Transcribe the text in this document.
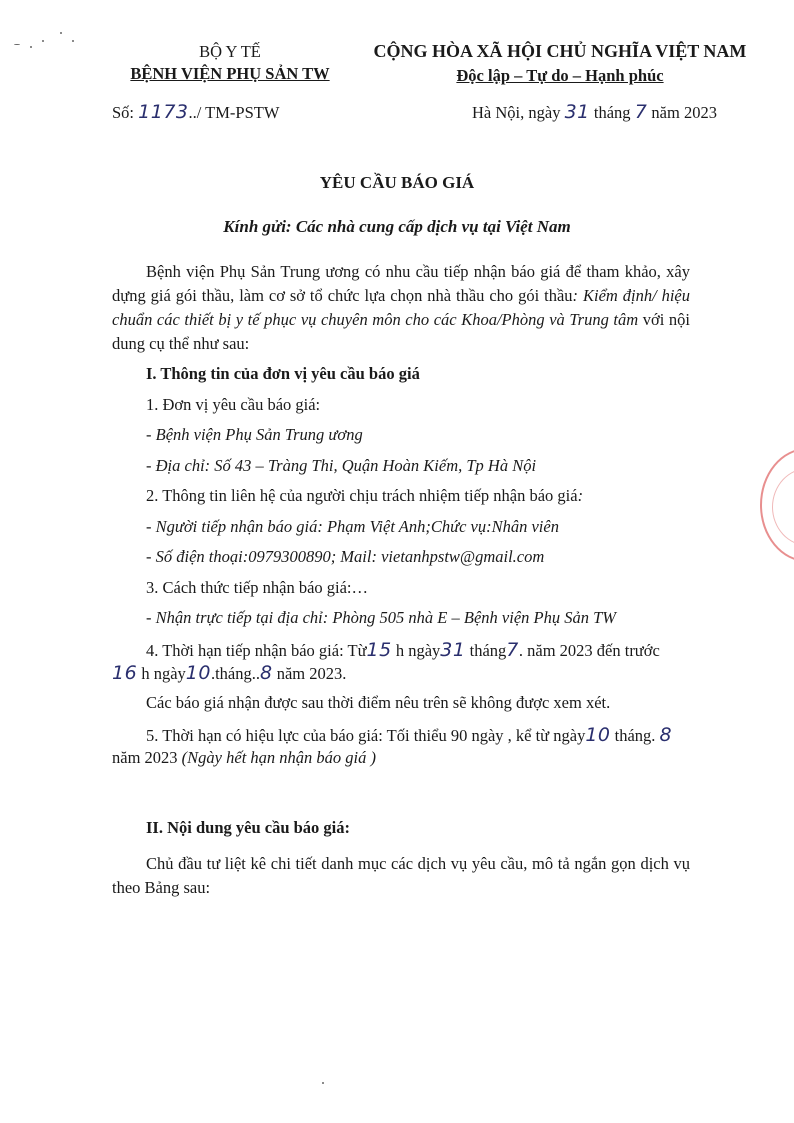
BỘ Y TẾ
BỆNH VIỆN PHỤ SẢN TW
CỘNG HÒA XÃ HỘI CHỦ NGHĨA VIỆT NAM
Độc lập – Tự do – Hạnh phúc
Số: 1173../ TM-PSTW	Hà Nội, ngày 31 tháng 7 năm 2023
YÊU CẦU BÁO GIÁ
Kính gửi: Các nhà cung cấp dịch vụ tại Việt Nam
Bệnh viện Phụ Sản Trung ương có nhu cầu tiếp nhận báo giá để tham khảo, xây dựng giá gói thầu, làm cơ sở tổ chức lựa chọn nhà thầu cho gói thầu: Kiểm định/ hiệu chuẩn các thiết bị y tế phục vụ chuyên môn cho các Khoa/Phòng và Trung tâm với nội dung cụ thể như sau:
I. Thông tin của đơn vị yêu cầu báo giá
1. Đơn vị yêu cầu báo giá:
- Bệnh viện Phụ Sản Trung ương
- Địa chỉ: Số 43 – Tràng Thi, Quận Hoàn Kiếm, Tp Hà Nội
2. Thông tin liên hệ của người chịu trách nhiệm tiếp nhận báo giá:
- Người tiếp nhận báo giá: Phạm Việt Anh;Chức vụ:Nhân viên
- Số điện thoại:0979300890; Mail: vietanhpstw@gmail.com
3. Cách thức tiếp nhận báo giá:…
- Nhận trực tiếp tại địa chỉ: Phòng 505 nhà E – Bệnh viện Phụ Sản TW
4. Thời hạn tiếp nhận báo giá: Từ15 h ngày31 tháng7. năm 2023 đến trước
16 h ngày10.tháng..8 năm 2023.
Các báo giá nhận được sau thời điểm nêu trên sẽ không được xem xét.
5. Thời hạn có hiệu lực của báo giá: Tối thiểu 90 ngày , kể từ ngày10 tháng. 8
năm 2023 (Ngày hết hạn nhận báo giá )
II. Nội dung yêu cầu báo giá:
Chủ đầu tư liệt kê chi tiết danh mục các dịch vụ yêu cầu, mô tả ngắn gọn dịch vụ theo Bảng sau:
